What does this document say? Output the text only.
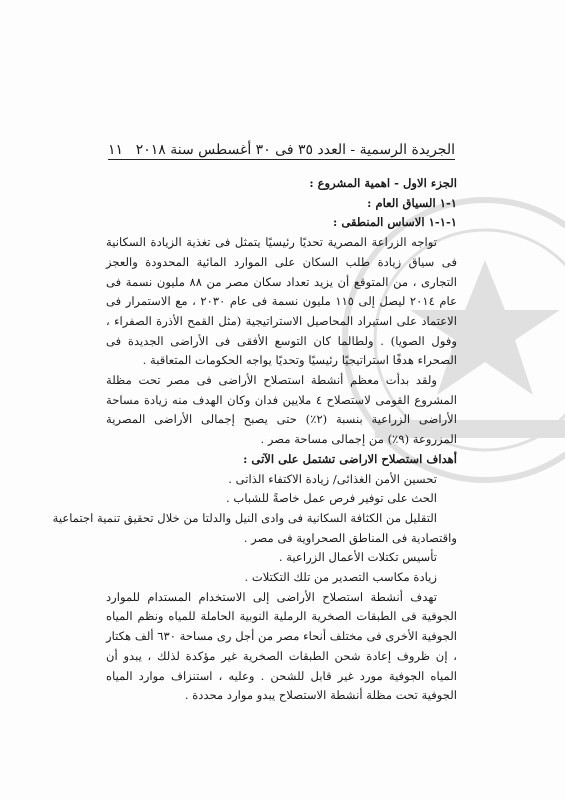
الجريدة الرسمية - العدد ٣٥ فى ٣٠ أغسطس سنة ٢٠١٨
١١

الجزء الاول - اهمية المشروع :

١-١ السياق العام :

١-١-١ الاساس المنطقى :

تواجه الزراعة المصرية تحديًا رئيسيًا يتمثل فى تغذية الزيادة السكانية فى سياق زيادة طلب السكان على الموارد المائية المحدودة والعجز التجارى ، من المتوقع أن يزيد تعداد سكان مصر من ٨٨ مليون نسمة فى عام ٢٠١٤ ليصل إلى ١١٥ مليون نسمة فى عام ٢٠٣٠ ، مع الاستمرار فى الاعتماد على استيراد المحاصيل الاستراتيجية (مثل القمح الأذرة الصفراء ، وفول الصويا) . ولطالما كان التوسع الأفقى فى الأراضى الجديدة فى الصحراء هدفًا استراتيجيًا رئيسيًا وتحديًا يواجه الحكومات المتعاقبة .

ولقد بدأت معظم أنشطة استصلاح الأراضى فى مصر تحت مظلة المشروع القومى لاستصلاح ٤ ملايين فدان وكان الهدف منه زيادة مساحة الأراضى الزراعية بنسبة (٢٪) حتى يصبح إجمالى الأراضى المصرية المزروعة (٩٪) من إجمالى مساحة مصر .

أهداف استصلاح الاراضى تشتمل على الآتى :

تحسين الأمن الغذائى/ زيادة الاكتفاء الذاتى .

الحث على توفير فرص عمل خاصةً للشباب .

التقليل من الكثافة السكانية فى وادى النيل والدلتا من خلال تحقيق تنمية اجتماعية

واقتصادية فى المناطق الصحراوية فى مصر .

تأسيس تكتلات الأعمال الزراعية .

زيادة مكاسب التصدير من تلك التكتلات .

تهدف أنشطة استصلاح الأراضى إلى الاستخدام المستدام للموارد الجوفية فى الطبقات الصخرية الرملية النوبية الحاملة للمياه ونظم المياه الجوفية الأخرى فى مختلف أنحاء مصر من أجل رى مساحة ٦٣٠ ألف هكتار ، إن ظروف إعادة شحن الطبقات الصخرية غير مؤكدة لذلك ، يبدو أن المياه الجوفية مورد غير قابل للشحن . وعليه ، استنزاف موارد المياه الجوفية تحت مظلة أنشطة الاستصلاح يبدو موارد محددة .
